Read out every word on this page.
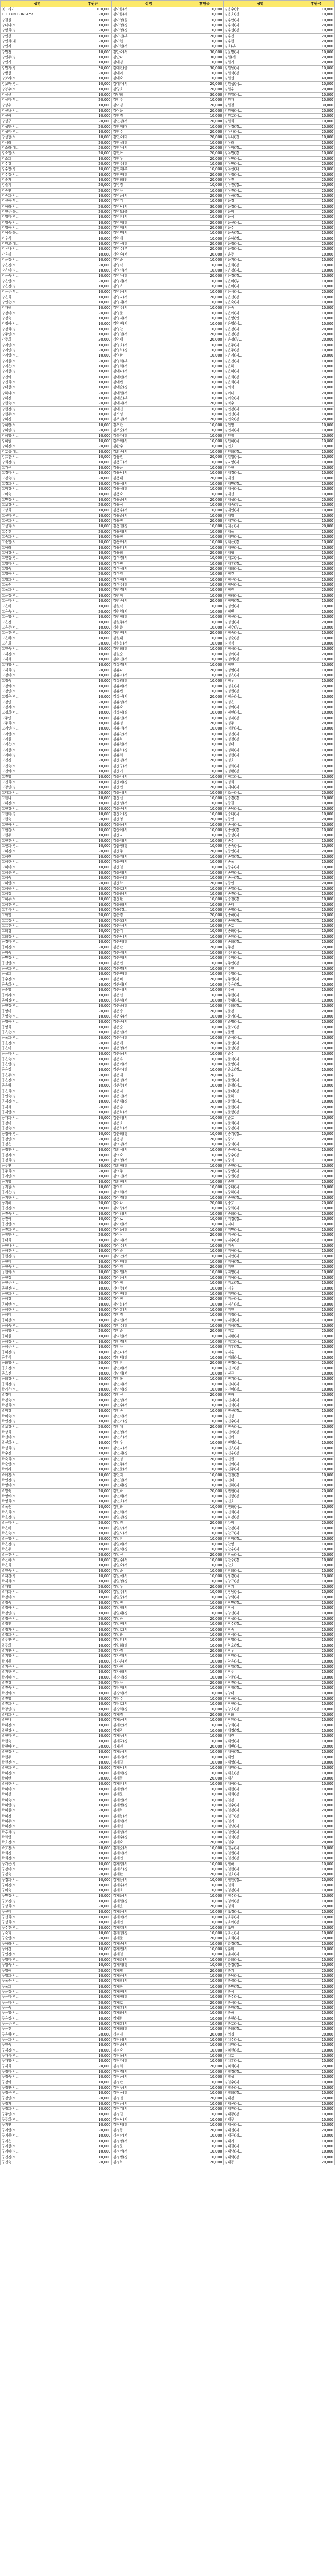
성명	후원금	성명	후원금	성명	후원금
㈜드라이...	100,000	김아름(서...	10,000	김용수(충...	10,000
LEE EUN BONG(ms...	20,000	김아름(세...	10,000	김용호(전...	10,000
강결실	10,000	김아영(울...	10,000	김우만(서...	10,000
강다나(서...	10,000	김아영(경...	10,000	김우석(서...	20,000
강명희(경...	20,000	김아영(경...	10,000	김우섭(경...	10,000
강민선	10,000	김아진(부...	20,000	김우진	20,000
강민석(대...	20,000	김아현	10,000	김우현	20,000
강민자	10,000	김아현(서...	10,000	김욱(부...	10,000
강민정	10,000	김안숙(서...	30,000	김운명(서...	10,000
강민주(경...	10,000	김안나	30,000	김원(서...	20,000
강민지	10,000	김애경	10,000	김원기	20,000
강민지(경...	30,000	김애란(울...	30,000	김원남(서...	10,000
강병현	20,000	김애리	10,000	김원석(경...	10,000
강보라(서...	10,000	김애숙	10,000	김원섭	40,000
강보배(경...	10,000	김애자(서...	20,000	김원섭(서...	10,000
강봉수(서...	10,000	김양호	20,000	김원우	20,000
강상규	10,000	김양희	30,000	김원일(서...	10,000
강상미(부...	20,000	김언주	10,000	김원재	10,000
강상우	10,000	김여경	20,000	김원철	30,000
강선녀(서...	10,000	김여운	20,000	김원혁(서...	20,000
강선아	10,000	김연경	10,000	김원호(서...	10,000
강성구	20,000	김연경(서...	20,000	김원희	10,000
강성민(서...	20,000	김연미(대...	10,000	김유경(경...	10,000
강성태(경...	10,000	김연수	20,000	김유나(서...	20,000
강성현(서...	10,000	김연숙(대...	20,000	김유나(전...	10,000
강세라	20,000	김연실(경...	10,000	김유라	10,000
강소라(대...	50,000	김연아(서...	20,000	김유미(경...	10,000
강소영(서...	20,000	김연옥	20,000	김유민(경...	10,000
강소희	10,000	김연우	20,000	김유빈(서...	10,000
강수경	20,000	김연주(경...	10,000	김유빈(서...	20,000
강수연(경...	10,000	김연지(부...	10,000	김유선(대...	20,000
강수정(서...	10,000	김연진(경...	20,000	김유정(서...	10,000
강순자	10,000	김연희(인...	20,000	김유진	20,000
강슬기	20,000	김영경	10,000	김유진(경...	20,000
강승연	20,000	김영규	10,000	김유진(서...	20,000
강승희(서...	10,000	김영균(서...	20,000	김유하(경...	10,000
강신애(부...	10,000	김영기	10,000	김윤경	10,000
강아라(서...	20,000	김영남(서...	30,000	김윤경(서...	10,000
강연주(울...	20,000	김영도(충...	20,000	김윤미	20,000
강영미(경...	10,000	김영란(서...	10,000	김윤석	20,000
강영숙(서...	10,000	김영미(경...	20,000	김윤선(서...	10,000
강영애(서...	20,000	김영미(서...	20,000	김윤수	10,000
강예슬(울...	10,000	김영민(서...	10,000	김윤숙(경...	10,000
강우식	10,000	김영배	10,000	김윤아(경...	10,000
강원모(대...	10,000	김영선(경...	20,000	김윤정(서...	20,000
강유나(서...	10,000	김영수(부...	20,000	김윤정(서...	20,000
강유리	10,000	김영숙(서...	20,000	김윤주	10,000
강윤정(서...	10,000	김영순	10,000	김윤지(서...	10,000
강은경(서...	20,000	김영식	10,000	김윤희(경...	10,000
강은미(경...	10,000	김영신(서...	10,000	김은경(서...	10,000
강은숙(서...	10,000	김영아(경...	20,000	김은경(경...	10,000
강은영(서...	20,000	김영애(서...	10,000	김은미(부...	10,000
강은정(경...	10,000	김영옥	10,000	김은미(서...	10,000
강은주(부...	10,000	김영은(서...	10,000	김은서(서...	20,000
강은희	10,000	김영자(서...	20,000	김은선(경...	10,000
강인순(서...	10,000	김영재(서...	10,000	김은숙(서...	10,000
강재원	10,000	김영주(서...	10,000	김은숙	10,000
강정미(서...	20,000	김영준	10,000	김은아(서...	10,000
강정숙	10,000	김영지(서...	10,000	김은영(인...	10,000
강정아(서...	10,000	김영진(서...	10,000	김은영(서...	10,000
강정화(경...	10,000	김영찬	10,000	김은정(서...	20,000
강주연(서...	10,000	김영철(서...	20,000	김은정(경...	20,000
강주희	20,000	김영태	20,000	김은정(부...	20,000
강지민(서...	10,000	김영호(서...	10,000	김은주(서...	10,000
강지연(경...	20,000	김영화(경...	10,000	김은주(경...	10,000
강지영(서...	10,000	김영환	10,000	김은지(서...	20,000
강지원(서...	20,000	김영희(부...	10,000	김은진(서...	10,000
강지은(서...	10,000	김영희(서...	10,000	김은하	10,000
강지현(경...	10,000	김예나(서...	10,000	김은혜(서...	10,000
강진아	10,000	김예린(서...	20,000	김은희(경...	20,000
강진희(서...	10,000	김예빈	10,000	김은희(서...	10,000
강태현(서...	10,000	김예슬(경...	10,000	김의석	10,000
강하나(서...	20,000	김예원(서...	10,000	김이나	20,000
강해진	10,000	김예은(부...	10,000	김이슬(서...	10,000
강현숙(서...	20,000	김예지(서...	20,000	김익수	10,000
강현정(경...	10,000	김예진	10,000	김인경(서...	10,000
강현주(서...	10,000	김오성	10,000	김인선(서...	10,000
강혜경	10,000	김옥경(서...	20,000	김인숙(경...	20,000
강혜란(서...	10,000	김옥란	10,000	김인영	10,000
강혜린(경...	20,000	김옥순(서...	10,000	김인자(서...	10,000
강혜영(서...	10,000	김옥자(경...	10,000	김인철	20,000
강혜원	10,000	김옥희(서...	10,000	김인혜(서...	10,000
강혜진(서...	20,000	김완수	10,000	김인호	10,000
강호성(대...	10,000	김외숙(서...	10,000	김인희(경...	10,000
강효진(서...	10,000	김용관	20,000	김일영(서...	10,000
강희정(경...	10,000	김용규(서...	10,000	김자영(서...	10,000
고가은	10,000	김용균	10,000	김자현	20,000
고경미(서...	10,000	김용남(서...	10,000	김재경(서...	10,000
고경숙(경...	20,000	김용대	20,000	김재권	10,000
고경희(서...	10,000	김용석(서...	10,000	김재민(경...	10,000
고미경(서...	10,000	김용성(경...	10,000	김재석(서...	10,000
고미숙	10,000	김용숙	10,000	김재선	10,000
고민정(서...	10,000	김용순(서...	20,000	김재성(서...	20,000
고보경(서...	20,000	김용식	10,000	김재숙(부...	10,000
고상희	10,000	김용우(서...	10,000	김재연(서...	10,000
고선미(경...	10,000	김용준(서...	10,000	김재영	10,000
고선희(서...	10,000	김용진	20,000	김재완(서...	10,000
고성희(서...	10,000	김용철(경...	10,000	김재용(서...	20,000
고수진	20,000	김용태(서...	10,000	김재욱	10,000
고숙희(서...	10,000	김용현	10,000	김재원(서...	10,000
고순영(서...	10,000	김용화(서...	10,000	김재은(경...	10,000
고아라	10,000	김용환(서...	10,000	김재현(서...	10,000
고애경(서...	10,000	김용희	20,000	김재형	10,000
고연정(경...	10,000	김우경(서...	10,000	김재호(서...	10,000
고영미(서...	10,000	김우빈	10,000	김재홍(경...	20,000
고영숙	10,000	김우성(서...	20,000	김재희(서...	10,000
고영애(서...	20,000	김우영	10,000	김정건	10,000
고영희(서...	10,000	김우정(서...	10,000	김정규(서...	10,000
고옥순	10,000	김우주(경...	10,000	김정남(서...	10,000
고옥희(서...	10,000	김원경(서...	10,000	김정란	20,000
고윤정(경...	10,000	김원미	10,000	김정례(서...	10,000
고은미(서...	10,000	김원숙(서...	20,000	김정미(경...	10,000
고은비	10,000	김원식	10,000	김정민(서...	10,000
고은숙(서...	20,000	김원영(서...	10,000	김정빈	10,000
고은영(서...	10,000	김원정(경...	10,000	김정선(서...	10,000
고은정	10,000	김원주(서...	10,000	김정섭(서...	20,000
고은주(서...	10,000	김원준	10,000	김정수(부...	10,000
고은진(경...	10,000	김원진(서...	20,000	김정숙(서...	10,000
고은하(서...	10,000	김원태	10,000	김정순(경...	10,000
고은희	20,000	김원화(서...	10,000	김정식	10,000
고인숙(서...	10,000	김원희(경...	10,000	김정심(서...	10,000
고재경(서...	10,000	김월순	10,000	김정아(서...	20,000
고재석	10,000	김위진(서...	10,000	김정애(경...	10,000
고재영(서...	10,000	김유경(서...	10,000	김정연	10,000
고재희(경...	20,000	김유나	20,000	김정열(서...	10,000
고정미(서...	10,000	김유라(서...	10,000	김정옥(서...	10,000
고정숙	10,000	김유리(경...	10,000	김정우	10,000
고정아(서...	10,000	김유미(서...	10,000	김정운(서...	20,000
고정연(서...	10,000	김유빈	10,000	김정원(경...	10,000
고정은(경...	10,000	김유선(서...	20,000	김정윤(서...	10,000
고정인	20,000	김유성(서...	10,000	김정은	10,000
고정자(서...	10,000	김유숙	10,000	김정이(서...	10,000
고정희(서...	10,000	김유식(경...	10,000	김정인(서...	10,000
고주연	10,000	김유신(서...	10,000	김정자(경...	10,000
고주희(서...	10,000	김유정	20,000	김정주	20,000
고지연(경...	10,000	김유진(서...	10,000	김정준(서...	10,000
고지영(서...	20,000	김유찬(서...	10,000	김정진(서...	10,000
고지원	10,000	김유하	10,000	김정철(경...	10,000
고지은(서...	10,000	김유현(서...	10,000	김정태	10,000
고지현(서...	10,000	김유화(경...	10,000	김정하(서...	10,000
고지혜(경...	10,000	김유희	10,000	김정현(서...	20,000
고진경	20,000	김윤경(서...	20,000	김정호	10,000
고진숙(서...	10,000	김윤구(서...	10,000	김정화(서...	10,000
고진아(서...	10,000	김윤기	10,000	김정환(경...	10,000
고진영	10,000	김윤나(서...	10,000	김정효(서...	10,000
고진희(서...	10,000	김윤미(경...	10,000	김정희	10,000
고창민(경...	10,000	김윤민	20,000	김제니(서...	10,000
고태희(서...	20,000	김윤서(서...	10,000	김조은(서...	20,000
고한나	10,000	김윤선	10,000	김종경(경...	10,000
고해진(서...	10,000	김윤성(서...	10,000	김종길	10,000
고현경(서...	10,000	김윤숙(서...	10,000	김종남(서...	10,000
고현미(경...	10,000	김윤아(경...	10,000	김종대(서...	10,000
고현숙	20,000	김윤영	20,000	김종민	20,000
고현아(서...	10,000	김윤옥(서...	10,000	김종석(서...	10,000
고현정(서...	10,000	김윤이(서...	10,000	김종선(경...	10,000
고현주	10,000	김윤자	10,000	김종성(서...	10,000
고현진(서...	10,000	김윤재(서...	10,000	김종수	10,000
고현희(경...	10,000	김윤정(경...	10,000	김종숙(서...	10,000
고혜경(서...	20,000	김윤주	20,000	김종연(서...	20,000
고혜란	10,000	김윤지(서...	10,000	김종열(경...	10,000
고혜린(서...	10,000	김윤진(서...	10,000	김종옥	10,000
고혜미(서...	10,000	김윤철	10,000	김종우(서...	10,000
고혜선(경...	10,000	김윤태(서...	10,000	김종원(서...	10,000
고혜숙	10,000	김윤하(경...	10,000	김종은(경...	10,000
고혜영(서...	20,000	김윤학	20,000	김종인	20,000
고혜원(서...	10,000	김윤호(서...	10,000	김종일(서...	10,000
고혜정	10,000	김윤화(서...	10,000	김종진(서...	10,000
고혜주(서...	10,000	김윤환	10,000	김종철(경...	10,000
고혜진(경...	10,000	김윤희(서...	10,000	김종태	10,000
고홍석(서...	10,000	김율(경...	10,000	김종필(서...	10,000
고화영	20,000	김은경	20,000	김종하(서...	20,000
고효정(서...	10,000	김은교(서...	10,000	김종현(경...	10,000
고효진(서...	10,000	김은규(서...	10,000	김종호	10,000
고희경	10,000	김은기	10,000	김종화(서...	10,000
고희정(서...	10,000	김은남(서...	10,000	김종환(서...	10,000
공경미(경...	10,000	김은덕(경...	10,000	김종희(경...	10,000
공미경(서...	20,000	김은란	20,000	김주경	20,000
공미숙	10,000	김은령(서...	10,000	김주나(서...	10,000
공민정(서...	10,000	김은미(서...	10,000	김주미(서...	10,000
공선영(서...	10,000	김은민	10,000	김주민(경...	10,000
공선희(경...	10,000	김은별(서...	10,000	김주연	10,000
공성희	10,000	김은빈(경...	10,000	김주영(서...	10,000
공수진(서...	20,000	김은비	20,000	김주원(서...	20,000
공숙희(서...	10,000	김은새(서...	10,000	김주은(경...	10,000
공순영	10,000	김은서(서...	10,000	김주하	10,000
공아라(서...	10,000	김은선	10,000	김주현(서...	10,000
공애경(서...	10,000	김은성(서...	10,000	김주형(서...	10,000
공연정(경...	10,000	김은솔(경...	10,000	김주희(경...	10,000
공영미	20,000	김은송	20,000	김준경	20,000
공영숙(서...	10,000	김은수(서...	10,000	김준기(서...	10,000
공영애(서...	10,000	김은숙(서...	10,000	김준명(서...	10,000
공영희	10,000	김은순	10,000	김준모(경...	10,000
공옥순(서...	10,000	김은실(서...	10,000	김준범	10,000
공옥희(경...	10,000	김은아(경...	10,000	김준석(서...	10,000
공윤정(서...	20,000	김은애	20,000	김준섭(서...	20,000
공은미	10,000	김은영(서...	10,000	김준성(경...	10,000
공은비(서...	10,000	김은옥(서...	10,000	김준수	10,000
공은숙(서...	10,000	김은유	10,000	김준식(서...	10,000
공은영(경...	10,000	김은이(서...	10,000	김준영(서...	10,000
공은정	10,000	김은자(경...	10,000	김준오(경...	10,000
공은주(서...	20,000	김은재	20,000	김준우	20,000
공은진(서...	10,000	김은정(서...	10,000	김준원(서...	10,000
공은하	10,000	김은주(서...	10,000	김준철(서...	10,000
공은희(서...	10,000	김은지	10,000	김준태(경...	10,000
공인숙(경...	10,000	김은진(서...	10,000	김준하	10,000
공재경(서...	10,000	김은채(경...	10,000	김준혁(서...	10,000
공재석	20,000	김은총	20,000	김준현(서...	20,000
공재영(서...	10,000	김은하(서...	10,000	김준형(경...	10,000
공재희(서...	10,000	김은혜(서...	10,000	김준호	10,000
공정미	10,000	김은호	10,000	김준희(서...	10,000
공정숙(서...	10,000	김은화(서...	10,000	김중경(서...	10,000
공정아(경...	10,000	김은희(경...	10,000	김중기(경...	10,000
공정연(서...	20,000	김응경	20,000	김중모	20,000
공정은	10,000	김의경(서...	10,000	김중석(서...	10,000
공정인(서...	10,000	김의석(서...	10,000	김중선(서...	10,000
공정자(서...	10,000	김의숙	10,000	김중수(경...	10,000
공정희(경...	10,000	김의영(서...	10,000	김중식	10,000
공주연	10,000	김의정(경...	10,000	김중연(서...	10,000
공주희(서...	20,000	김의주	20,000	김중영(서...	20,000
공지연(서...	10,000	김의진(서...	10,000	김중원(경...	10,000
공지영	10,000	김의현(서...	10,000	김중인	10,000
공지원(서...	10,000	김의화	10,000	김중태(서...	10,000
공지은(경...	10,000	김의희(서...	10,000	김중하(서...	10,000
공지현(서...	10,000	김이경(경...	10,000	김중현(경...	10,000
공지혜	20,000	김이나	20,000	김중호	20,000
공진경(서...	10,000	김이랑(서...	10,000	김중화(서...	10,000
공진숙(서...	10,000	김이레(서...	10,000	김중희(서...	10,000
공진아	10,000	김이로	10,000	김지경(경...	10,000
공진영(서...	10,000	김이린(서...	10,000	김지나	10,000
공진희(경...	10,000	김이문(경...	10,000	김지민(서...	10,000
공창민(서...	20,000	김이삭	20,000	김지선(서...	20,000
공태희	10,000	김이서(서...	10,000	김지수(경...	10,000
공한나(서...	10,000	김이수(서...	10,000	김지숙	10,000
공해진(서...	10,000	김이슬	10,000	김지아(서...	10,000
공현경(경...	10,000	김이안(서...	10,000	김지안(서...	10,000
공현미	10,000	김이연(경...	10,000	김지애(경...	10,000
공현숙(서...	20,000	김이영	20,000	김지연	20,000
공현아(서...	10,000	김이원(서...	10,000	김지영(서...	10,000
공현정	10,000	김이은(서...	10,000	김지예(서...	10,000
공현주(서...	10,000	김이정	10,000	김지오(경...	10,000
공현진(경...	10,000	김이주(서...	10,000	김지우	10,000
공현희(서...	10,000	김이진(경...	10,000	김지원(서...	10,000
공혜경	20,000	김이현	20,000	김지윤(서...	20,000
공혜란(서...	10,000	김이화(서...	10,000	김지은(경...	10,000
공혜린(서...	10,000	김이훈(서...	10,000	김지인	10,000
공혜미	10,000	김익경	10,000	김지정(서...	10,000
공혜선(서...	10,000	김익선(서...	10,000	김지현(서...	10,000
공혜숙(경...	10,000	김익수(경...	10,000	김지혜(경...	10,000
공혜영(서...	20,000	김익준	20,000	김지호	20,000
공혜원	10,000	김익현(서...	10,000	김지환(서...	10,000
공혜정(서...	10,000	김인경(서...	10,000	김지효(서...	10,000
공혜주(서...	10,000	김인규	10,000	김지후(경...	10,000
공혜진(경...	10,000	김인나(서...	10,000	김지훈	10,000
공홍석	10,000	김인덕(경...	10,000	김지희(서...	10,000
공화영(서...	20,000	김인란	20,000	김진경(서...	20,000
공효정(서...	10,000	김인미(서...	10,000	김진교(경...	10,000
공효진	10,000	김인배(서...	10,000	김진규	10,000
공희경(서...	10,000	김인복	10,000	김진기(서...	10,000
공희정(경...	10,000	김인서(서...	10,000	김진나(서...	10,000
곽가은(서...	10,000	김인석(경...	10,000	김진미(경...	10,000
곽경미	20,000	김인선	20,000	김진배	20,000
곽경숙(서...	10,000	김인성(서...	10,000	김진서(서...	10,000
곽경희(서...	10,000	김인수(서...	10,000	김진석(서...	10,000
곽미경	10,000	김인숙	10,000	김진선(경...	10,000
곽미숙(서...	10,000	김인식(서...	10,000	김진성	10,000
곽민정(경...	10,000	김인아(경...	10,000	김진수(서...	10,000
곽보경(서...	20,000	김인애	20,000	김진숙(서...	20,000
곽상희	10,000	김인영(서...	10,000	김진아(경...	10,000
곽선미(서...	10,000	김인옥(서...	10,000	김진애	10,000
곽선희(서...	10,000	김인우	10,000	김진영(서...	10,000
곽성희(경...	10,000	김인자(서...	10,000	김진옥(서...	10,000
곽수진	10,000	김인재(경...	10,000	김진우(경...	10,000
곽숙희(서...	20,000	김인정	20,000	김진원	20,000
곽순영(서...	10,000	김인주(서...	10,000	김진이(서...	10,000
곽아라	10,000	김인준(서...	10,000	김진주(서...	10,000
곽애경(서...	10,000	김인지	10,000	김진철(경...	10,000
곽연정(경...	10,000	김인철(서...	10,000	김진태	10,000
곽영미(서...	10,000	김인태(경...	10,000	김진하(서...	10,000
곽영숙	20,000	김인하	20,000	김진현(서...	20,000
곽영애(서...	10,000	김인혜(서...	10,000	김진형(경...	10,000
곽영희(서...	10,000	김인호(서...	10,000	김진호	10,000
곽옥순	10,000	김인화	10,000	김진화(서...	10,000
곽옥희(서...	10,000	김인희(서...	10,000	김진희(서...	10,000
곽윤정(경...	10,000	김일경(경...	10,000	김차경(경...	10,000
곽은미(서...	20,000	김일권	20,000	김차미	20,000
곽은비	10,000	김일남(서...	10,000	김찬경(서...	10,000
곽은숙(서...	10,000	김일도(서...	10,000	김찬규(서...	10,000
곽은영(서...	10,000	김일란	10,000	김찬미(경...	10,000
곽은정(경...	10,000	김일미(서...	10,000	김찬영	10,000
곽은주	10,000	김일석(경...	10,000	김찬우(서...	10,000
곽은진(서...	20,000	김일선	20,000	김찬욱(서...	20,000
곽은하(서...	10,000	김일수(서...	10,000	김찬중(경...	10,000
곽은희	10,000	김일숙(서...	10,000	김찬호	10,000
곽인숙(서...	10,000	김일순	10,000	김찬희(서...	10,000
곽재경(경...	10,000	김일식(서...	10,000	김창경(서...	10,000
곽재석(서...	10,000	김일영(경...	10,000	김창규(경...	10,000
곽재영	20,000	김일우	20,000	김창기	20,000
곽재희(서...	10,000	김일주(서...	10,000	김창남(서...	10,000
곽정미(서...	10,000	김일중(서...	10,000	김창덕(서...	10,000
곽정숙	10,000	김일진	10,000	김창민(경...	10,000
곽정아(서...	10,000	김일철(서...	10,000	김창석	10,000
곽정연(경...	10,000	김일태(경...	10,000	김창선(서...	10,000
곽정은(서...	20,000	김일하	20,000	김창섭(서...	20,000
곽정인	10,000	김일현(서...	10,000	김창수(경...	10,000
곽정자(서...	10,000	김일호(서...	10,000	김창숙	10,000
곽정희(서...	10,000	김일화	10,000	김창식(서...	10,000
곽주연(경...	10,000	김일환(서...	10,000	김창영(서...	10,000
곽주희	10,000	김일희(경...	10,000	김창오(경...	10,000
곽지연(서...	20,000	김자경	20,000	김창우	20,000
곽지영(서...	10,000	김자영(서...	10,000	김창원(서...	10,000
곽지원	10,000	김자은(서...	10,000	김창은(서...	10,000
곽지은(서...	10,000	김자현	10,000	김창일(경...	10,000
곽지현(경...	10,000	김자희(서...	10,000	김창주	10,000
곽지혜(서...	10,000	김장경(경...	10,000	김창준(서...	10,000
곽진경	20,000	김장규	20,000	김창진(서...	20,000
곽진숙(서...	10,000	김장미(서...	10,000	김창철(경...	10,000
곽진아(서...	10,000	김장석(서...	10,000	김창태	10,000
곽진영	10,000	김장수	10,000	김창하(서...	10,000
곽진희(서...	10,000	김장호(서...	10,000	김창현(서...	10,000
곽창민(경...	10,000	김장희(경...	10,000	김창호(경...	10,000
곽태희(서...	20,000	김재경	20,000	김창화	20,000
곽한나	10,000	김재곤(서...	10,000	김창환(서...	10,000
곽해진(서...	10,000	김재관(서...	10,000	김창희(서...	10,000
곽현경(서...	10,000	김재광	10,000	김채경(경...	10,000
곽현미(경...	10,000	김재구(서...	10,000	김채린	10,000
곽현숙	10,000	김재국(경...	10,000	김채민(서...	10,000
곽현아(서...	20,000	김재권	20,000	김채빈(서...	20,000
곽현정(서...	10,000	김재근(서...	10,000	김채아(경...	10,000
곽현주	10,000	김재기(서...	10,000	김채연	10,000
곽현진(서...	10,000	김재길	10,000	김채영(서...	10,000
곽현희(경...	10,000	김재남(서...	10,000	김채원(서...	10,000
곽혜경(서...	10,000	김재덕(경...	10,000	김채윤(경...	10,000
곽혜란	20,000	김재동	20,000	김채은	20,000
곽혜린(서...	10,000	김재란(서...	10,000	김채이(서...	10,000
곽혜미(서...	10,000	김재명(서...	10,000	김채현(서...	10,000
곽혜선	10,000	김재문	10,000	김채희(경...	10,000
곽혜숙(서...	10,000	김재민(서...	10,000	김천경	10,000
곽혜영(경...	10,000	김재범(경...	10,000	김천수(서...	10,000
곽혜원(서...	20,000	김재복	20,000	김철경(서...	20,000
곽혜정	10,000	김재봉(서...	10,000	김철규(경...	10,000
곽혜주(서...	10,000	김재석(서...	10,000	김철기	10,000
곽혜진(서...	10,000	김재선	10,000	김철남(서...	10,000
곽홍석(경...	10,000	김재성(서...	10,000	김철민(서...	10,000
곽화영	10,000	김재수(경...	10,000	김철석(경...	10,000
곽효정(서...	20,000	김재숙	20,000	김철수	20,000
곽효진(서...	10,000	김재순(서...	10,000	김철우(서...	10,000
곽희경	10,000	김재식(서...	10,000	김철원(서...	10,000
곽희정(서...	10,000	김재연	10,000	김철진(경...	10,000
구가은(경...	10,000	김재영(서...	10,000	김철하	10,000
구경미(서...	10,000	김재옥(경...	10,000	김철현(서...	10,000
구경숙	20,000	김재완	20,000	김철호(서...	20,000
구경희(서...	10,000	김재용(서...	10,000	김철환(경...	10,000
구미경(서...	10,000	김재우(서...	10,000	김철희	10,000
구미숙	10,000	김재욱	10,000	김청경(서...	10,000
구민정(서...	10,000	김재운(서...	10,000	김청수(서...	10,000
구보경(경...	10,000	김재원(경...	10,000	김청아(경...	10,000
구상희(서...	20,000	김재윤	20,000	김청희	20,000
구선미	10,000	김재은(서...	10,000	김초경(서...	10,000
구선희(서...	10,000	김재익(서...	10,000	김초롱(서...	10,000
구성희(서...	10,000	김재인	10,000	김초아(경...	10,000
구수진(경...	10,000	김재일(서...	10,000	김초원	10,000
구숙희	10,000	김재정(경...	10,000	김초은(서...	10,000
구순영(서...	20,000	김재준	20,000	김초희(서...	20,000
구아라(서...	10,000	김재중(서...	10,000	김춘경(경...	10,000
구애경	10,000	김재진(서...	10,000	김춘미	10,000
구연정(서...	10,000	김재철	10,000	김춘자(서...	10,000
구영미(경...	10,000	김재춘(서...	10,000	김춘희(서...	10,000
구영숙(서...	10,000	김재태(경...	10,000	김충경(경...	10,000
구영애	20,000	김재필	20,000	김충기	20,000
구영희(서...	10,000	김재하(서...	10,000	김충남(서...	10,000
구옥순(서...	10,000	김재학(서...	10,000	김충렬(서...	10,000
구옥희	10,000	김재한	10,000	김충만(경...	10,000
구윤정(서...	10,000	김재현(서...	10,000	김충석	10,000
구은미(경...	10,000	김재형(경...	10,000	김충수(서...	10,000
구은비(서...	20,000	김재호	20,000	김충식(서...	20,000
구은숙	10,000	김재홍(서...	10,000	김충원(경...	10,000
구은영(서...	10,000	김재화(서...	10,000	김충하	10,000
구은정(서...	10,000	김재환	10,000	김충현(서...	10,000
구은주(경...	10,000	김재훈(서...	10,000	김충호(서...	10,000
구은진	10,000	김재희(경...	10,000	김충희(경...	10,000
구은하(서...	20,000	김점경	20,000	김치경	20,000
구은희(서...	10,000	김점례(서...	10,000	김치수(서...	10,000
구인숙	10,000	김점순(서...	10,000	김치원(서...	10,000
구재경(서...	10,000	김점숙	10,000	김치현(경...	10,000
구재석(경...	10,000	김점옥(서...	10,000	김치호	10,000
구재영(서...	10,000	김점자(경...	10,000	김치훈(서...	10,000
구재희	20,000	김점희	20,000	김치희(서...	20,000
구정미(서...	10,000	김정경(서...	10,000	김칠경(경...	10,000
구정숙(서...	10,000	김정곤(서...	10,000	김칠성	10,000
구정아	10,000	김정관	10,000	김칠수(서...	10,000
구정연(서...	10,000	김정구(서...	10,000	김칠순(서...	10,000
구정은(경...	10,000	김정국(경...	10,000	김칠희(경...	10,000
구정인(서...	20,000	김정권	20,000	김태경	20,000
구정자	10,000	김정근(서...	10,000	김태곤(서...	10,000
구정희(서...	10,000	김정기(서...	10,000	김태관(서...	10,000
구주연(서...	10,000	김정길	10,000	김태광(경...	10,000
구주희(경...	10,000	김정남(서...	10,000	김태구	10,000
구지연	10,000	김정덕(경...	10,000	김태국(서...	10,000
구지영(서...	20,000	김정동	20,000	김태권(서...	20,000
구지원(서...	10,000	김정란(서...	10,000	김태근(경...	10,000
구지은	10,000	김정명(서...	10,000	김태기	10,000
구지현(서...	10,000	김정문	10,000	김태길(서...	10,000
구지혜(경...	10,000	김정민(서...	10,000	김태남(서...	10,000
구진경(서...	10,000	김정범(경...	10,000	김태덕(경...	10,000
구진숙	20,000	김정복	20,000	김태동	20,000
